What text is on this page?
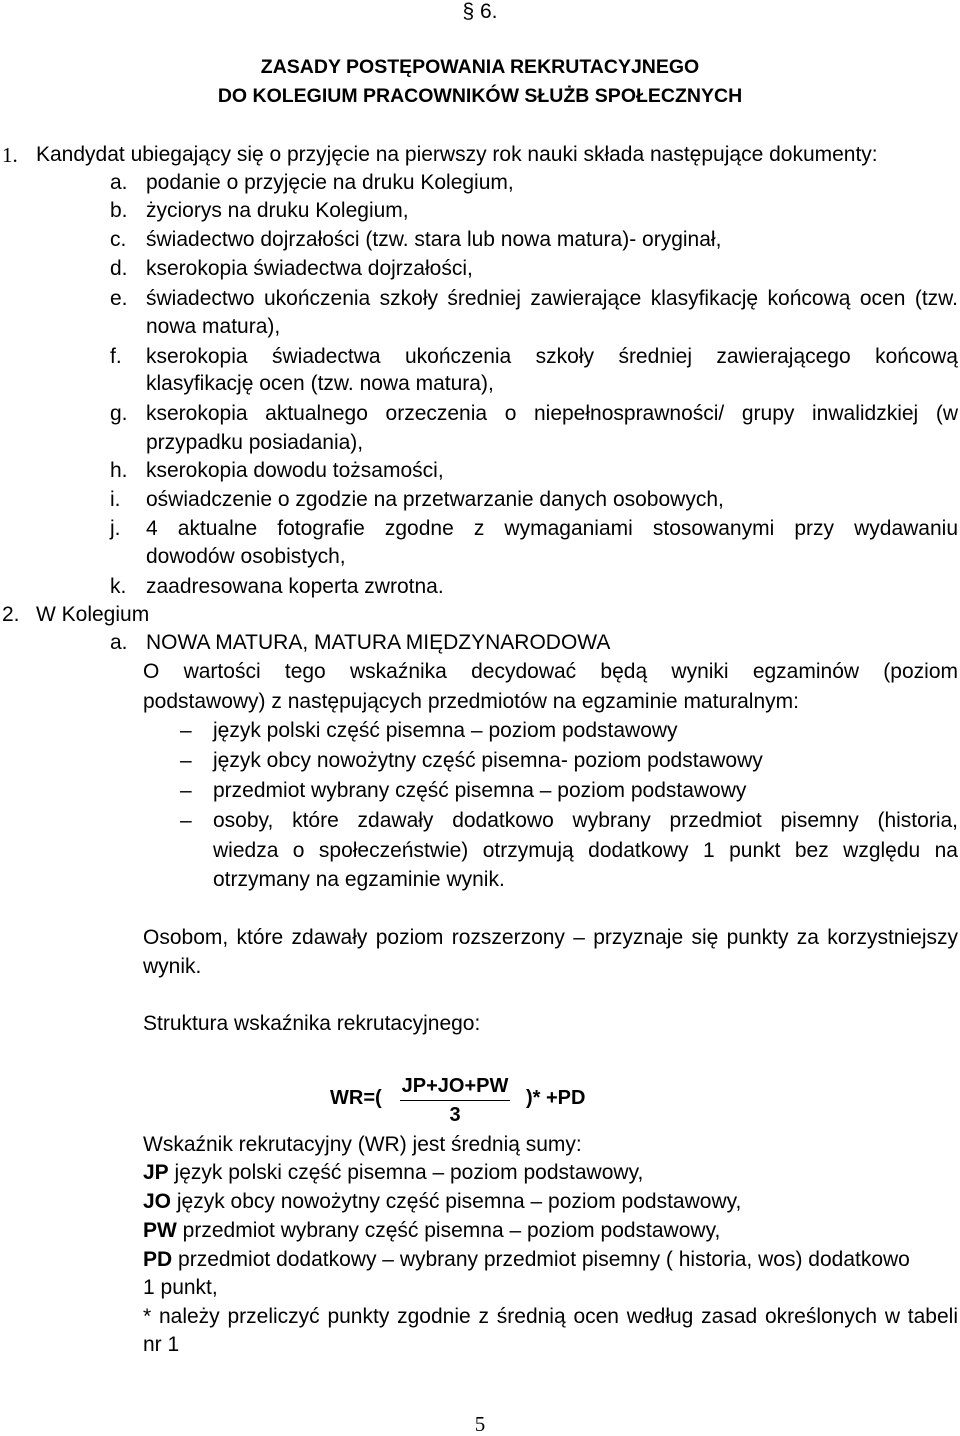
§ 6.
ZASADY POSTĘPOWANIA REKRUTACYJNEGO
DO KOLEGIUM PRACOWNIKÓW SŁUŻB SPOŁECZNYCH
1. Kandydat ubiegający się o przyjęcie na pierwszy rok nauki składa następujące dokumenty:
a. podanie o przyjęcie na druku Kolegium,
b. życiorys na druku Kolegium,
c. świadectwo dojrzałości (tzw. stara lub nowa matura)- oryginał,
d. kserokopia świadectwa dojrzałości,
e. świadectwo ukończenia szkoły średniej zawierające klasyfikację końcową ocen (tzw.
nowa matura),
f. kserokopia świadectwa ukończenia szkoły średniej zawierającego końcową
klasyfikację ocen (tzw. nowa matura),
g. kserokopia aktualnego orzeczenia o niepełnosprawności/ grupy inwalidzkiej (w
przypadku posiadania),
h. kserokopia dowodu tożsamości,
i. oświadczenie o zgodzie na przetwarzanie danych osobowych,
j. 4 aktualne fotografie zgodne z wymaganiami stosowanymi przy wydawaniu
dowodów osobistych,
k. zaadresowana koperta zwrotna.
2. W Kolegium
a. NOWA MATURA, MATURA MIĘDZYNARODOWA
O wartości tego wskaźnika decydować będą wyniki egzaminów (poziom
podstawowy) z następujących przedmiotów na egzaminie maturalnym:
– język polski część pisemna – poziom podstawowy
– język obcy nowożytny część pisemna- poziom podstawowy
– przedmiot wybrany część pisemna – poziom podstawowy
– osoby, które zdawały dodatkowo wybrany przedmiot pisemny (historia,
wiedza o społeczeństwie) otrzymują dodatkowy 1 punkt bez względu na
otrzymany na egzaminie wynik.
Osobom, które zdawały poziom rozszerzony – przyznaje się punkty za korzystniejszy
wynik.
Struktura wskaźnika rekrutacyjnego:
WR=(
JP+JO+PW
3
)* +PD
Wskaźnik rekrutacyjny (WR) jest średnią sumy:
JP język polski część pisemna – poziom podstawowy,
JO język obcy nowożytny część pisemna – poziom podstawowy,
PW przedmiot wybrany część pisemna – poziom podstawowy,
PD przedmiot dodatkowy – wybrany przedmiot pisemny ( historia, wos) dodatkowo
1 punkt,
* należy przeliczyć punkty zgodnie z średnią ocen według zasad określonych w tabeli
nr 1
5
